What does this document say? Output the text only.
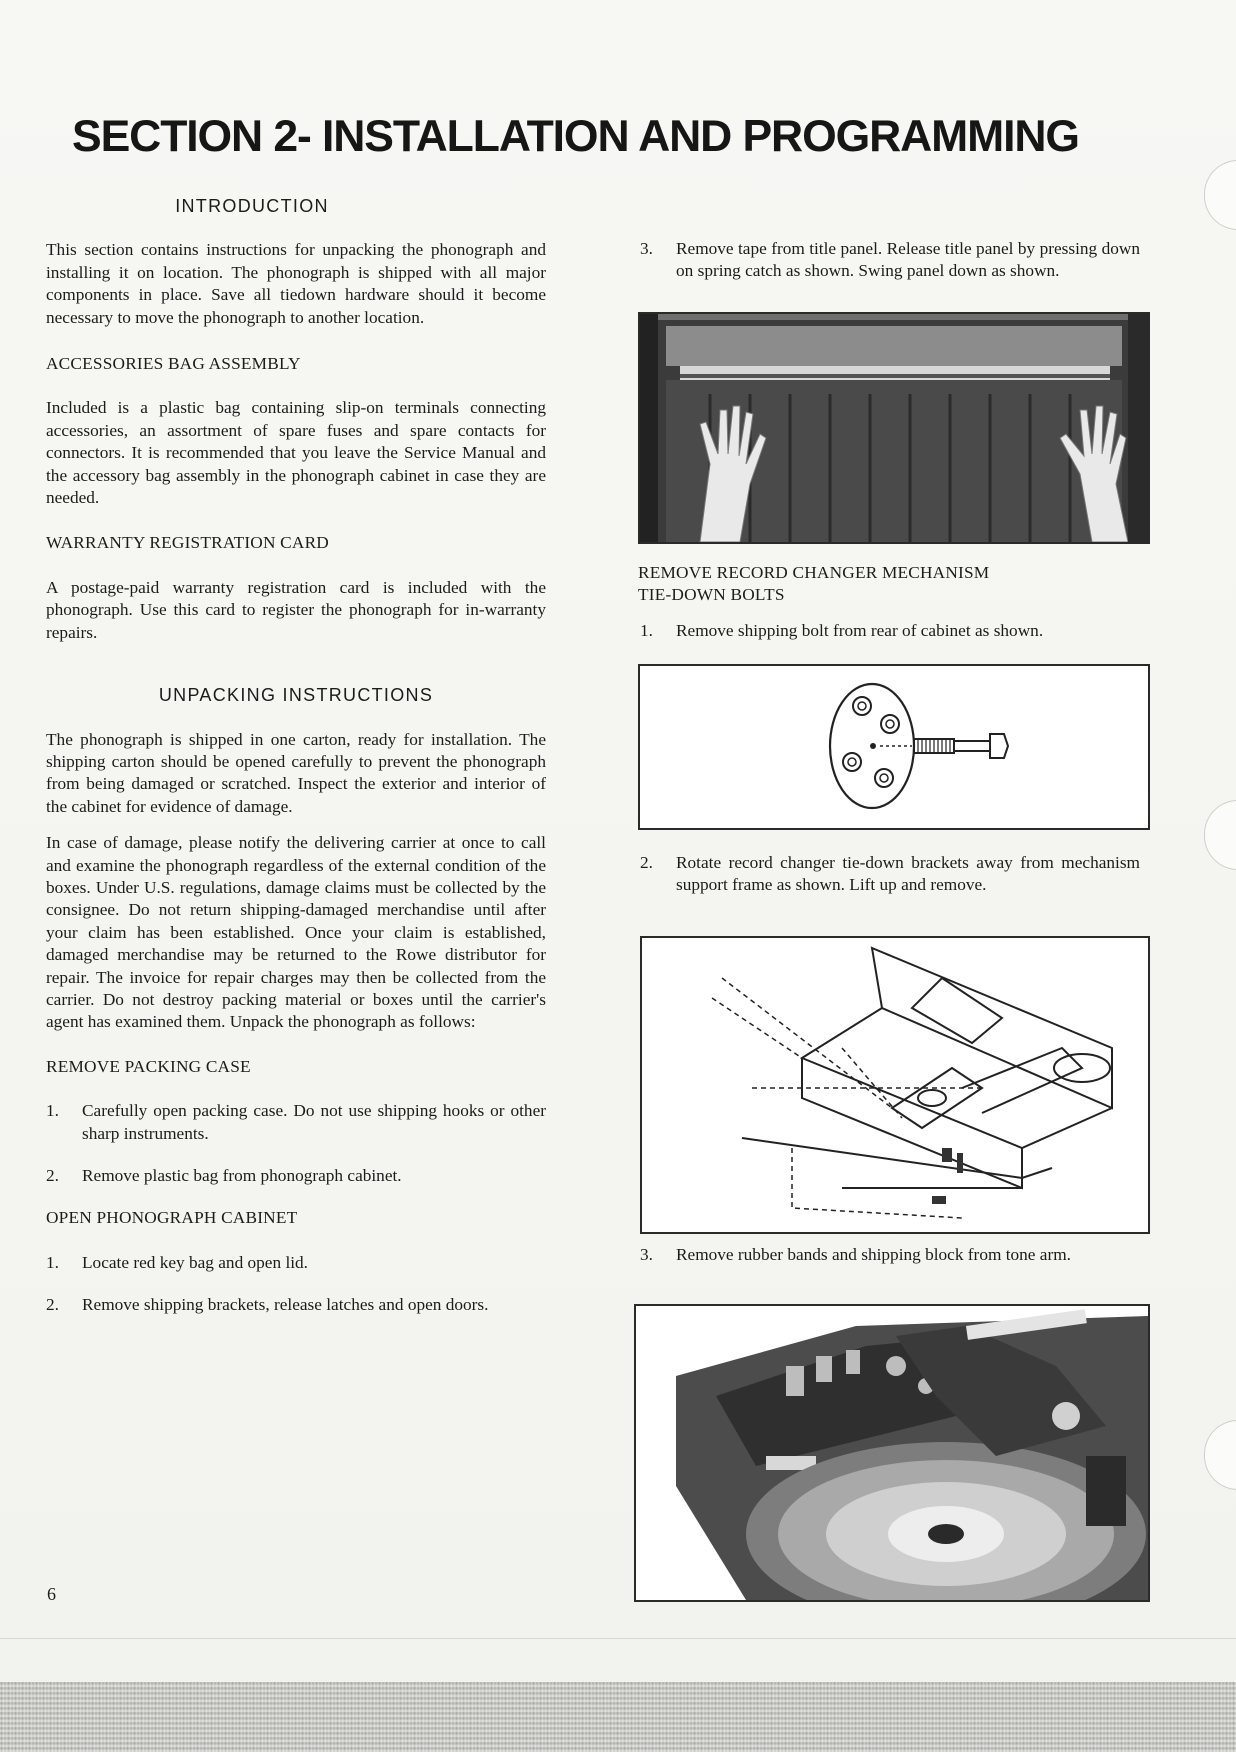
SECTION 2- INSTALLATION AND PROGRAMMING
INTRODUCTION

This section contains instructions for unpacking the phonograph and installing it on location. The phonograph is shipped with all major components in place. Save all tiedown hardware should it become necessary to move the phonograph to another location.

ACCESSORIES BAG ASSEMBLY

Included is a plastic bag containing slip-on terminals connecting accessories, an assortment of spare fuses and spare contacts for connectors. It is recommended that you leave the Service Manual and the accessory bag assembly in the phonograph cabinet in case they are needed.

WARRANTY REGISTRATION CARD

A postage-paid warranty registration card is included with the phonograph. Use this card to register the phonograph for in-warranty repairs.

UNPACKING INSTRUCTIONS

The phonograph is shipped in one carton, ready for installation. The shipping carton should be opened carefully to prevent the phonograph from being damaged or scratched. Inspect the exterior and interior of the cabinet for evidence of damage.

In case of damage, please notify the delivering carrier at once to call and examine the phonograph regardless of the external condition of the boxes. Under U.S. regulations, damage claims must be collected by the consignee. Do not return shipping-damaged merchandise until after your claim has been established. Once your claim is established, damaged merchandise may be returned to the Rowe distributor for repair. The invoice for repair charges may then be collected from the carrier. Do not destroy packing material or boxes until the carrier's agent has examined them. Unpack the phonograph as follows:

REMOVE PACKING CASE
1. Carefully open packing case. Do not use shipping hooks or other sharp instruments.
2. Remove plastic bag from phonograph cabinet.
OPEN PHONOGRAPH CABINET
1. Locate red key bag and open lid.
2. Remove shipping brackets, release latches and open doors.
3. Remove tape from title panel. Release title panel by pressing down on spring catch as shown. Swing panel down as shown.
REMOVE RECORD CHANGER MECHANISM
TIE-DOWN BOLTS
1. Remove shipping bolt from rear of cabinet as shown.
2. Rotate record changer tie-down brackets away from mechanism support frame as shown. Lift up and remove.
3. Remove rubber bands and shipping block from tone arm.
6
